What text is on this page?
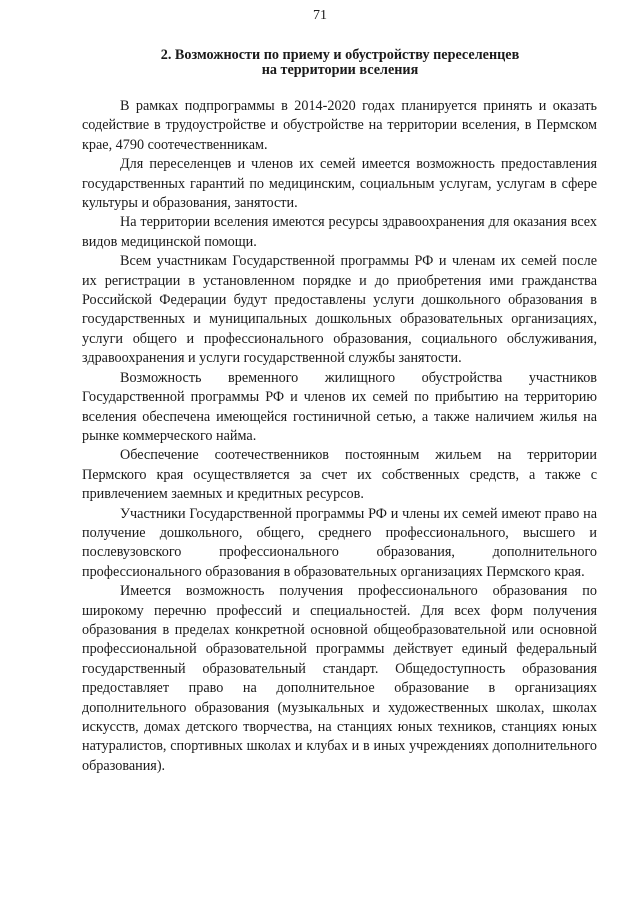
71
2. Возможности по приему и обустройству переселенцев
на территории вселения

В рамках подпрограммы в 2014-2020 годах планируется принять и оказать содействие в трудоустройстве и обустройстве на территории вселения, в Пермском крае, 4790 соотечественникам.

Для переселенцев и членов их семей имеется возможность предоставления государственных гарантий по медицинским, социальным услугам, услугам в сфере культуры и образования, занятости.

На территории вселения имеются ресурсы здравоохранения для оказания всех видов медицинской помощи.

Всем участникам Государственной программы РФ и членам их семей после их регистрации в установленном порядке и до приобретения ими гражданства Российской Федерации будут предоставлены услуги дошкольного образования в государственных и муниципальных дошкольных образовательных организациях, услуги общего и профессионального образования, социального обслуживания, здравоохранения и услуги государственной службы занятости.

Возможность временного жилищного обустройства участников Государственной программы РФ и членов их семей по прибытию на территорию вселения обеспечена имеющейся гостиничной сетью, а также наличием жилья на рынке коммерческого найма.

Обеспечение соотечественников постоянным жильем на территории Пермского края осуществляется за счет их собственных средств, а также с привлечением заемных и кредитных ресурсов.

Участники Государственной программы РФ и члены их семей имеют право на получение дошкольного, общего, среднего профессионального, высшего и послевузовского профессионального образования, дополнительного профессионального образования в образовательных организациях Пермского края.

Имеется возможность получения профессионального образования по широкому перечню профессий и специальностей. Для всех форм получения образования в пределах конкретной основной общеобразовательной или основной профессиональной образовательной программы действует единый федеральный государственный образовательный стандарт. Общедоступность образования предоставляет право на дополнительное образование в организациях дополнительного образования (музыкальных и художественных школах, школах искусств, домах детского творчества, на станциях юных техников, станциях юных натуралистов, спортивных школах и клубах и в иных учреждениях дополнительного образования).
